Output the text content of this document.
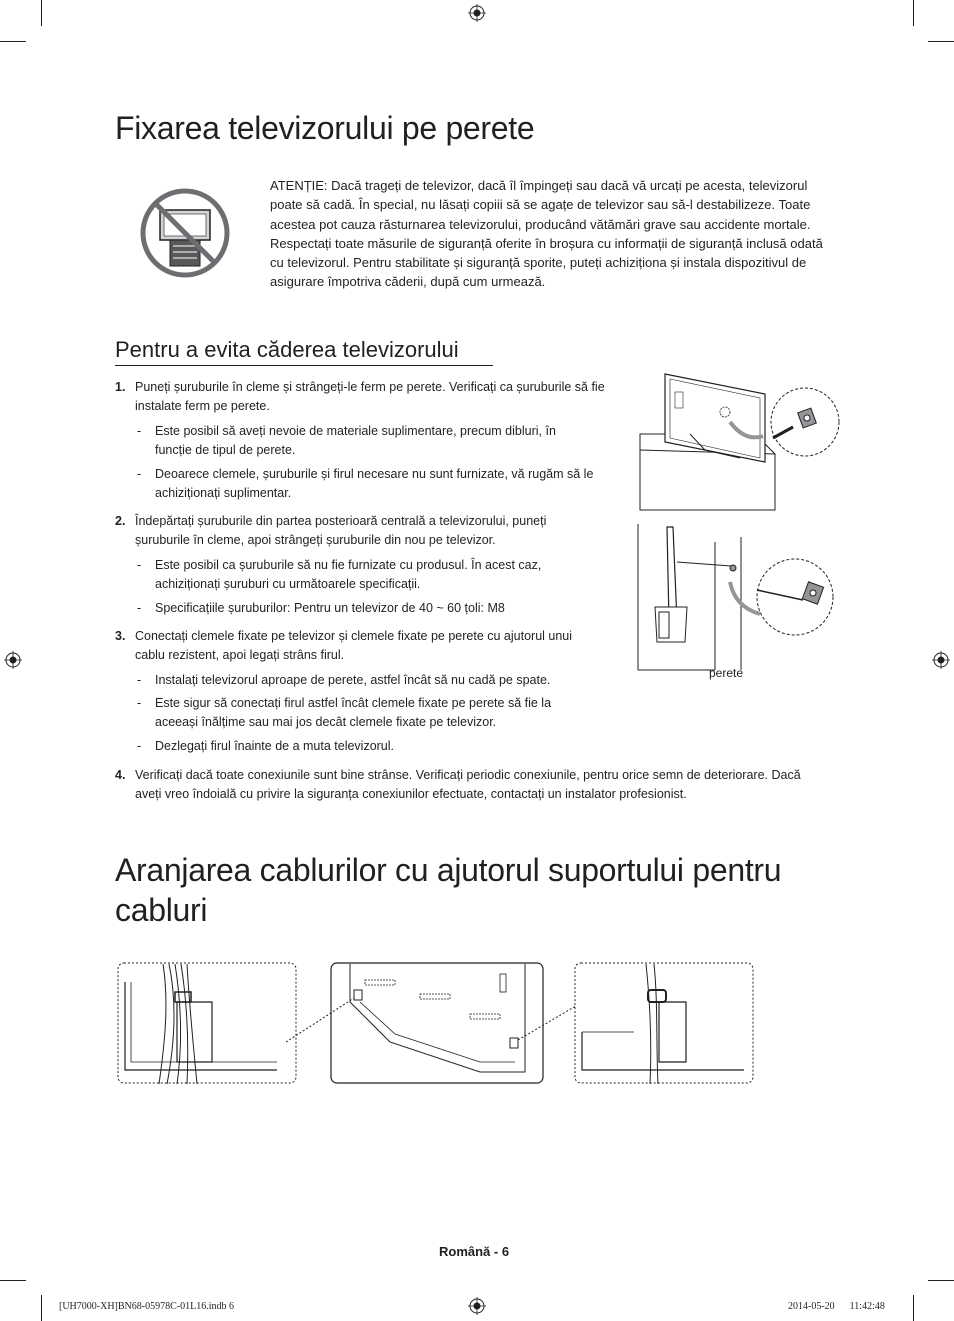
Fixarea televizorului pe perete
ATENȚIE: Dacă trageți de televizor, dacă îl împingeți sau dacă vă urcați pe acesta, televizorul poate să cadă. În special, nu lăsați copiii să se agațe de televizor sau să-l destabilizeze. Toate acestea pot cauza răsturnarea televizorului, producând vătămări grave sau accidente mortale. Respectați toate măsurile de siguranță oferite în broșura cu informații de siguranță inclusă odată cu televizorul. Pentru stabilitate și siguranță sporite, puteți achiziționa și instala dispozitivul de asigurare împotriva căderii, după cum urmează.
Pentru a evita căderea televizorului
1. Puneți șuruburile în cleme și strângeți-le ferm pe perete. Verificați ca șuruburile să fie
instalate ferm pe perete.
- Este posibil să aveți nevoie de materiale suplimentare, precum dibluri, în
funcție de tipul de perete.
- Deoarece clemele, șuruburile și firul necesare nu sunt furnizate, vă rugăm să le
achiziționați suplimentar.
2. Îndepărtați șuruburile din partea posterioară centrală a televizorului, puneți
șuruburile în cleme, apoi strângeți șuruburile din nou pe televizor.
- Este posibil ca șuruburile să nu fie furnizate cu produsul. În acest caz,
achiziționați șuruburi cu următoarele specificații.
- Specificațiile șuruburilor: Pentru un televizor de 40 ~ 60 țoli: M8
3. Conectați clemele fixate pe televizor și clemele fixate pe perete cu ajutorul unui
cablu rezistent, apoi legați strâns firul.
- Instalați televizorul aproape de perete, astfel încât să nu cadă pe spate.
- Este sigur să conectați firul astfel încât clemele fixate pe perete să fie la
aceeași înălțime sau mai jos decât clemele fixate pe televizor.
- Dezlegați firul înainte de a muta televizorul.
4. Verificați dacă toate conexiunile sunt bine strânse. Verificați periodic conexiunile, pentru orice semn de deteriorare. Dacă
aveți vreo îndoială cu privire la siguranța conexiunilor efectuate, contactați un instalator profesionist.
perete
Aranjarea cablurilor cu ajutorul suportului pentru
cabluri
Română - 6
[UH7000-XH]BN68-05978C-01L16.indb 6	2014-05-20   11:42:48
